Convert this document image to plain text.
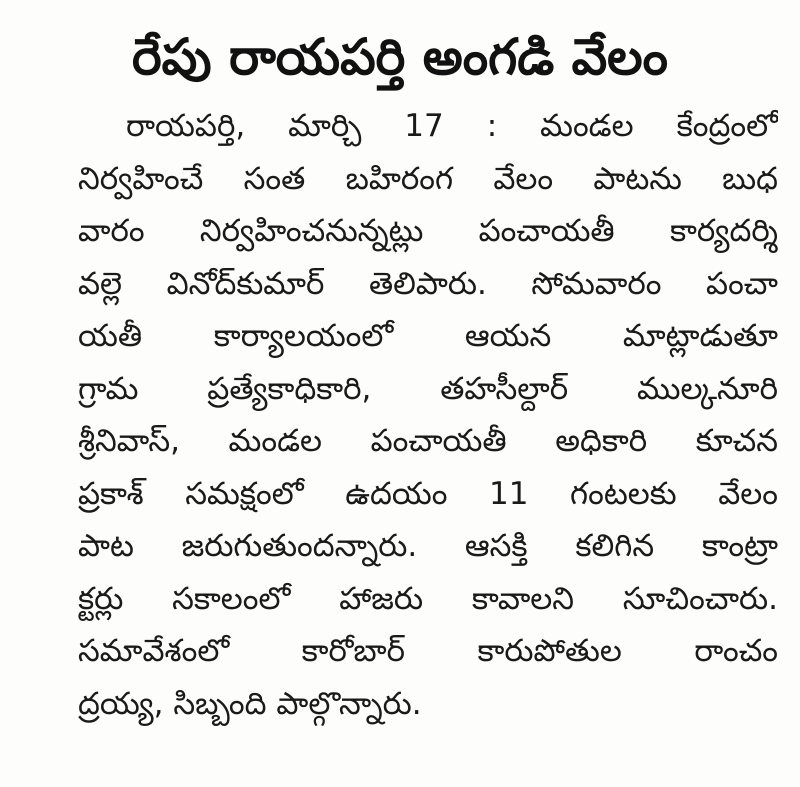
రేపు రాయపర్తి అంగడి వేలం
రాయపర్తి, మార్చి 17 : మండల కేంద్రంలో
నిర్వహించే సంత బహిరంగ వేలం పాటను బుధ
వారం నిర్వహించనున్నట్లు పంచాయతీ కార్యదర్శి
వల్లె వినోద్‌కుమార్ తెలిపారు. సోమవారం పంచా
యతీ కార్యాలయంలో ఆయన మాట్లాడుతూ
గ్రామ ప్రత్యేకాధికారి, తహసీల్దార్ ముల్కనూరి
శ్రీనివాస్, మండల పంచాయతీ అధికారి కూచన
ప్రకాశ్ సమక్షంలో ఉదయం 11 గంటలకు వేలం
పాట జరుగుతుందన్నారు. ఆసక్తి కలిగిన కాంట్రా
క్టర్లు సకాలంలో హాజరు కావాలని సూచించారు.
సమావేశంలో కారోబార్ కారుపోతుల రాంచం
ద్రయ్య, సిబ్బంది పాల్గొన్నారు.
